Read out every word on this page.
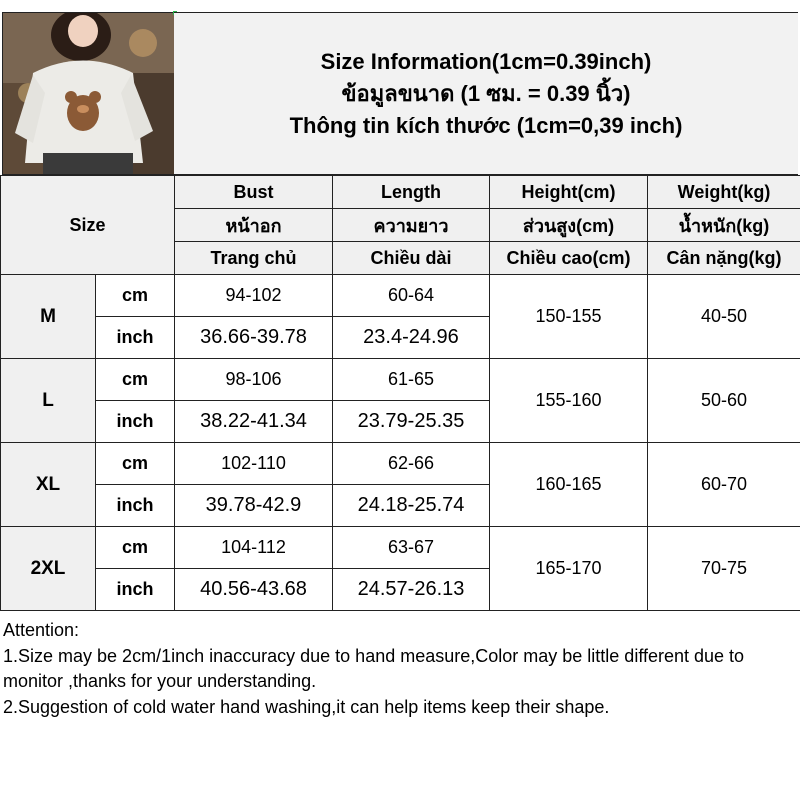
Size Information(1cm=0.39inch)
ข้อมูลขนาด (1 ซม. = 0.39 นิ้ว)
Thông tin kích thước (1cm=0,39 inch)
Size		Bust	Length	Height(cm)	Weight(kg)
		หน้าอก	ความยาว	ส่วนสูง(cm)	น้ำหนัก(kg)
		Trang chủ	Chiều dài	Chiều cao(cm)	Cân nặng(kg)
M	cm	94-102	60-64	150-155	40-50
	inch	36.66-39.78	23.4-24.96		
L	cm	98-106	61-65	155-160	50-60
	inch	38.22-41.34	23.79-25.35		
XL	cm	102-110	62-66	160-165	60-70
	inch	39.78-42.9	24.18-25.74		
2XL	cm	104-112	63-67	165-170	70-75
	inch	40.56-43.68	24.57-26.13		
Attention:
1.Size may be 2cm/1inch inaccuracy due to hand measure,Color may be little different due to monitor ,thanks for your understanding.
2.Suggestion of cold water hand washing,it can help items keep their shape.
